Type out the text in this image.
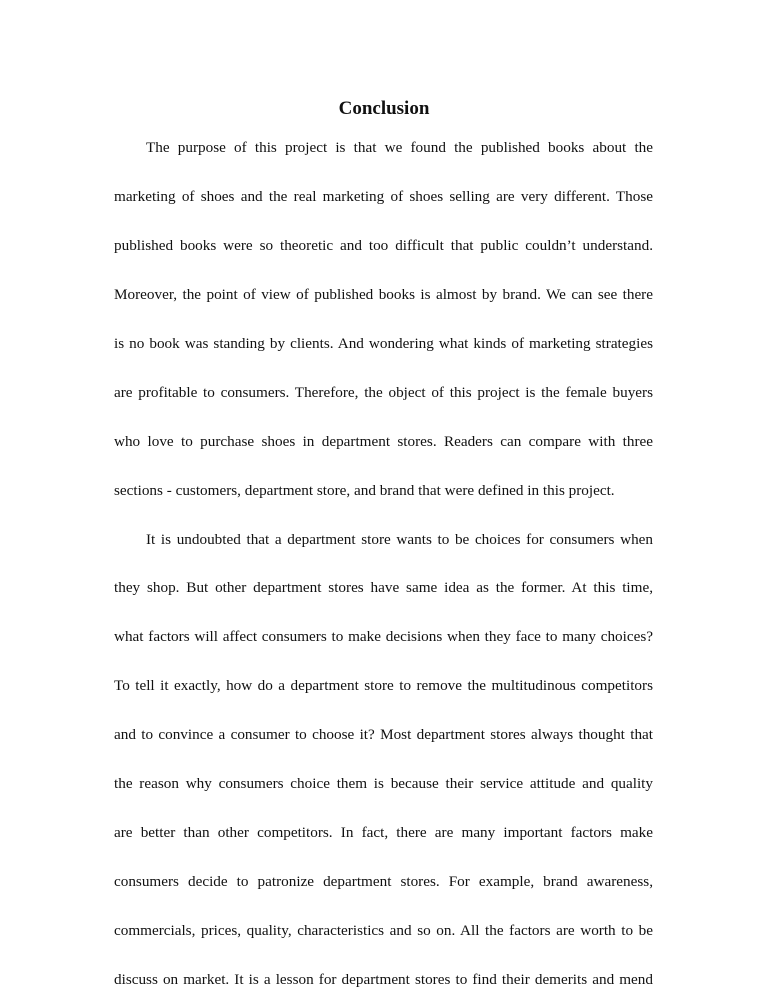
Conclusion
The purpose of this project is that we found the published books about the
marketing of shoes and the real marketing of shoes selling are very different. Those
published books were so theoretic and too difficult that public couldn’t understand.
Moreover, the point of view of published books is almost by brand. We can see there
is no book was standing by clients. And wondering what kinds of marketing strategies
are profitable to consumers. Therefore, the object of this project is the female buyers
who love to purchase shoes in department stores. Readers can compare with three
sections - customers, department store, and brand that were defined in this project.
It is undoubted that a department store wants to be choices for consumers when
they shop. But other department stores have same idea as the former. At this time,
what factors will affect consumers to make decisions when they face to many choices?
To tell it exactly, how do a department store to remove the multitudinous competitors
and to convince a consumer to choose it? Most department stores always thought that
the reason why consumers choice them is because their service attitude and quality
are better than other competitors. In fact, there are many important factors make
consumers decide to patronize department stores. For example, brand awareness,
commercials, prices, quality, characteristics and so on. All the factors are worth to be
discuss on market. It is a lesson for department stores to find their demerits and mend
